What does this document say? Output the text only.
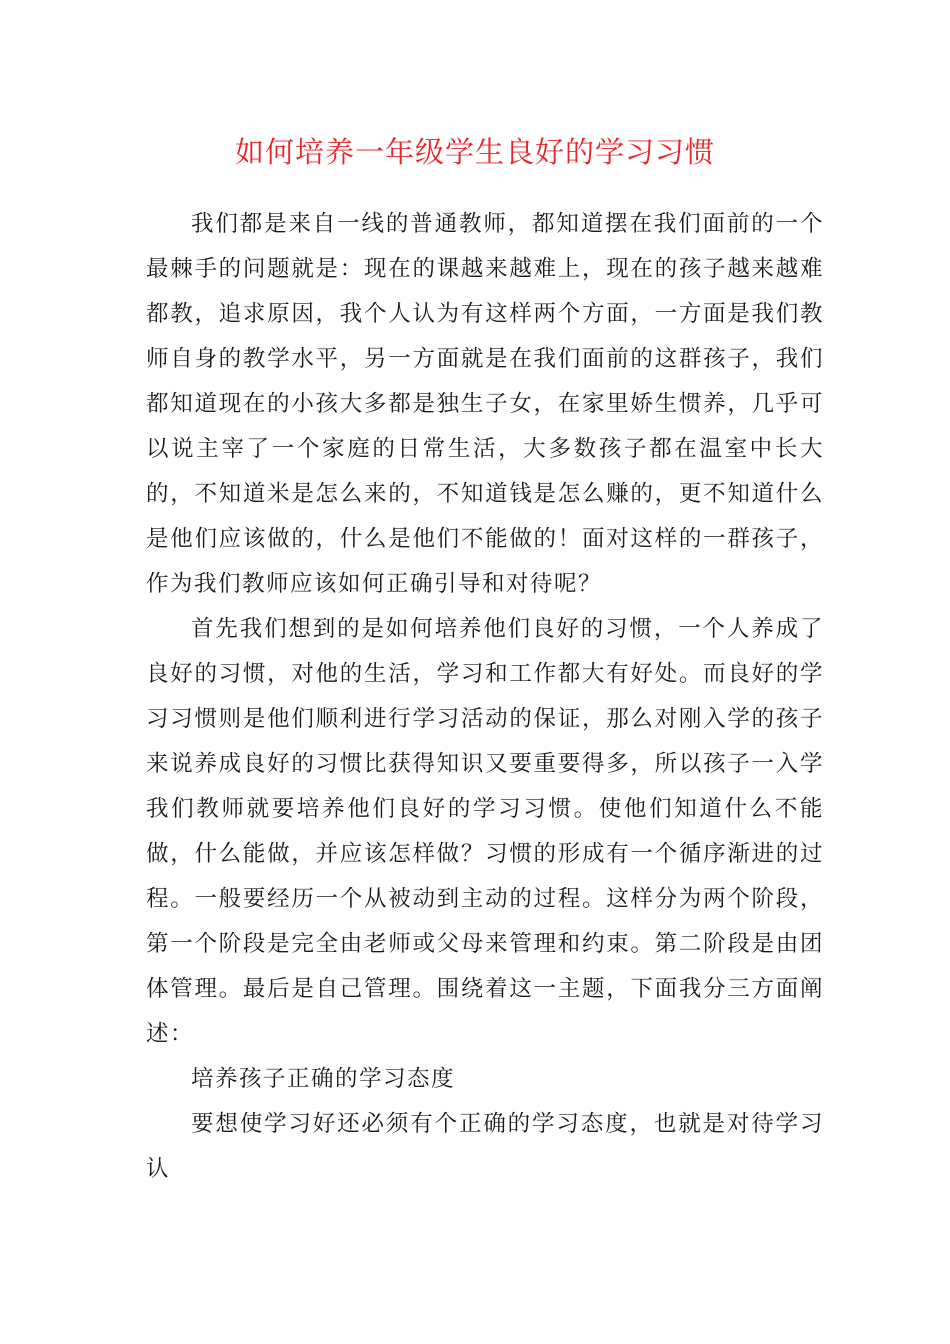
如何培养一年级学生良好的学习习惯

我们都是来自一线的普通教师，都知道摆在我们面前的一个最棘手的问题就是：现在的课越来越难上，现在的孩子越来越难都教，追求原因，我个人认为有这样两个方面，一方面是我们教师自身的教学水平，另一方面就是在我们面前的这群孩子，我们都知道现在的小孩大多都是独生子女，在家里娇生惯养，几乎可以说主宰了一个家庭的日常生活，大多数孩子都在温室中长大的，不知道米是怎么来的，不知道钱是怎么赚的，更不知道什么是他们应该做的，什么是他们不能做的！面对这样的一群孩子，作为我们教师应该如何正确引导和对待呢？

首先我们想到的是如何培养他们良好的习惯，一个人养成了良好的习惯，对他的生活，学习和工作都大有好处。而良好的学习习惯则是他们顺利进行学习活动的保证，那么对刚入学的孩子来说养成良好的习惯比获得知识又要重要得多，所以孩子一入学我们教师就要培养他们良好的学习习惯。使他们知道什么不能做，什么能做，并应该怎样做？习惯的形成有一个循序渐进的过程。一般要经历一个从被动到主动的过程。这样分为两个阶段，第一个阶段是完全由老师或父母来管理和约束。第二阶段是由团体管理。最后是自己管理。围绕着这一主题，下面我分三方面阐述：

培养孩子正确的学习态度

要想使学习好还必须有个正确的学习态度，也就是对待学习认
